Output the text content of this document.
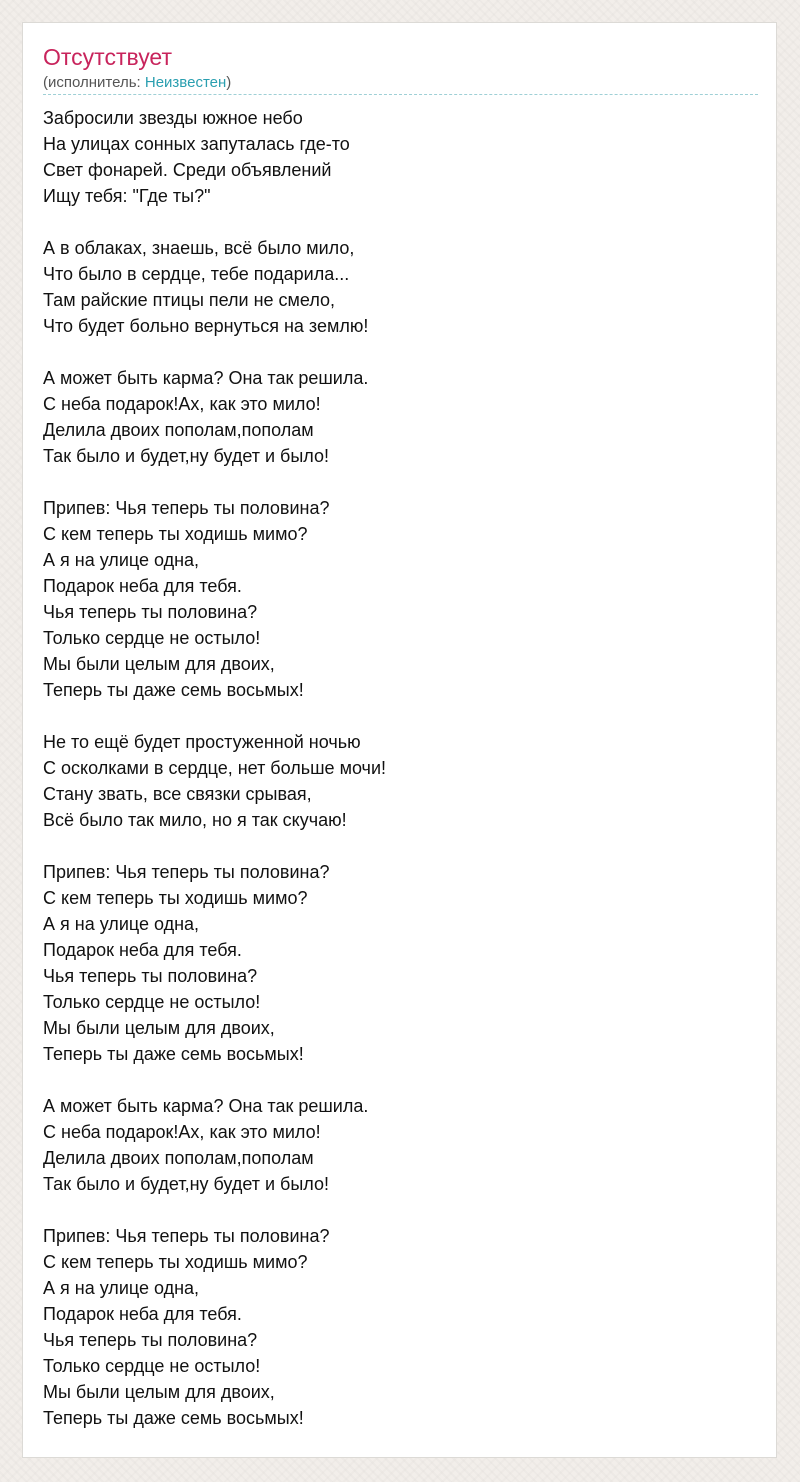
Отсутствует
(исполнитель: Неизвестен)
Забросили звезды южное небо
На улицах сонных запуталась где-то
Свет фонарей. Среди объявлений
Ищу тебя: "Где ты?"
А в облаках, знаешь, всё было мило,
Что было в сердце, тебе подарила...
Там райские птицы пели не смело,
Что будет больно вернуться на землю!
А может быть карма? Она так решила.
С неба подарок!Ах, как это мило!
Делила двоих пополам,пополам
Так было и будет,ну будет и было!
Припев: Чья теперь ты половина?
С кем теперь ты ходишь мимо?
А я на улице одна,
Подарок неба для тебя.
Чья теперь ты половина?
Только сердце не остыло!
Мы были целым для двоих,
Теперь ты даже семь восьмых!
Не то ещё будет простуженной ночью
С осколками в сердце, нет больше мочи!
Стану звать, все связки срывая,
Всё было так мило, но я так скучаю!
Припев: Чья теперь ты половина?
С кем теперь ты ходишь мимо?
А я на улице одна,
Подарок неба для тебя.
Чья теперь ты половина?
Только сердце не остыло!
Мы были целым для двоих,
Теперь ты даже семь восьмых!
А может быть карма? Она так решила.
С неба подарок!Ах, как это мило!
Делила двоих пополам,пополам
Так было и будет,ну будет и было!
Припев: Чья теперь ты половина?
С кем теперь ты ходишь мимо?
А я на улице одна,
Подарок неба для тебя.
Чья теперь ты половина?
Только сердце не остыло!
Мы были целым для двоих,
Теперь ты даже семь восьмых!
